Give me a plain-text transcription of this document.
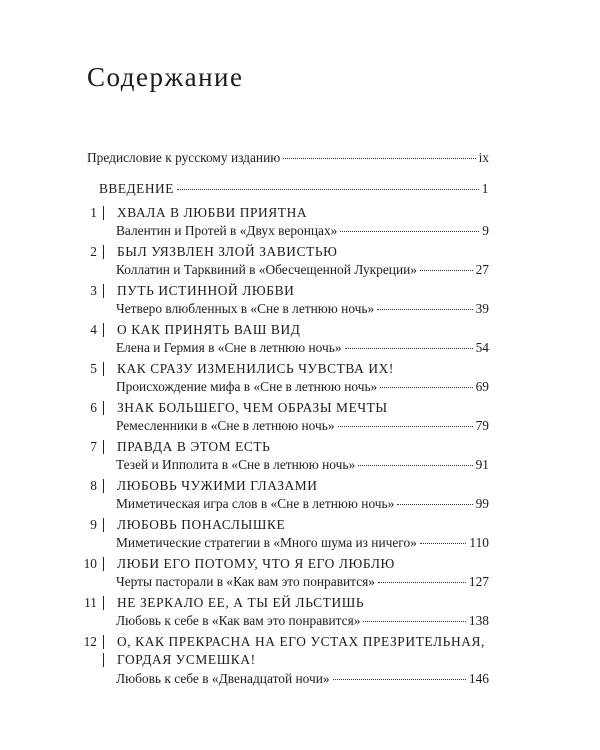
Содержание
Предисловие к русскому изданию	ix
ВВЕДЕНИЕ	1
1 ХВАЛА В ЛЮБВИ ПРИЯТНА
Валентин и Протей в «Двух веронцах»	9
2 БЫЛ УЯЗВЛЕН ЗЛОЙ ЗАВИСТЬЮ
Коллатин и Тарквиний в «Обесчещенной Лукреции»	27
3 ПУТЬ ИСТИННОЙ ЛЮБВИ
Четверо влюбленных в «Сне в летнюю ночь»	39
4 О КАК ПРИНЯТЬ ВАШ ВИД
Елена и Гермия в «Сне в летнюю ночь»	54
5 КАК СРАЗУ ИЗМЕНИЛИСЬ ЧУВСТВА ИХ!
Происхождение мифа в «Сне в летнюю ночь»	69
6 ЗНАК БОЛЬШЕГО, ЧЕМ ОБРАЗЫ МЕЧТЫ
Ремесленники в «Сне в летнюю ночь»	79
7 ПРАВДА В ЭТОМ ЕСТЬ
Тезей и Ипполита в «Сне в летнюю ночь»	91
8 ЛЮБОВЬ ЧУЖИМИ ГЛАЗАМИ
Миметическая игра слов в «Сне в летнюю ночь»	99
9 ЛЮБОВЬ ПОНАСЛЫШКЕ
Миметические стратегии в «Много шума из ничего»	110
10 ЛЮБИ ЕГО ПОТОМУ, ЧТО Я ЕГО ЛЮБЛЮ
Черты пасторали в «Как вам это понравится»	127
11 НЕ ЗЕРКАЛО ЕЕ, А ТЫ ЕЙ ЛЬСТИШЬ
Любовь к себе в «Как вам это понравится»	138
12 О, КАК ПРЕКРАСНА НА ЕГО УСТАХ ПРЕЗРИТЕЛЬНАЯ,
ГОРДАЯ УСМЕШКА!
Любовь к себе в «Двенадцатой ночи»	146
